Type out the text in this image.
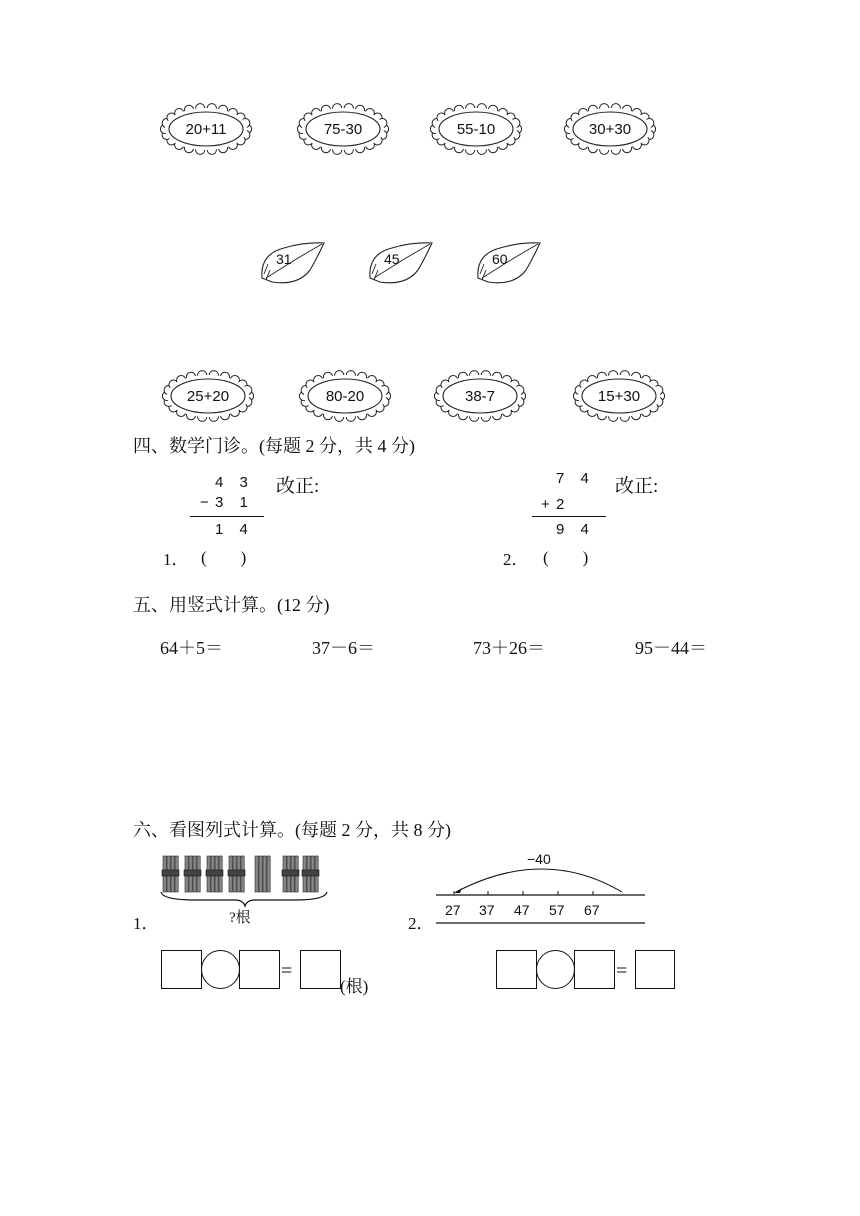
20+11	75-30	55-10	30+30
31	45	60
25+20	80-20	38-7	15+30
四、数学门诊。(每题 2 分，共 4 分)
4 3
− 3 1
1 4
改正:
1． (　　)
7 4
+ 2
9 4
改正:
2． (　　)
五、用竖式计算。(12 分)
64＋5＝	37－6＝	73＋26＝	95－44＝
六、看图列式计算。(每题 2 分，共 8 分)
?根
1．	2．
−40
27 37 47 57 67
=
(根)
=
